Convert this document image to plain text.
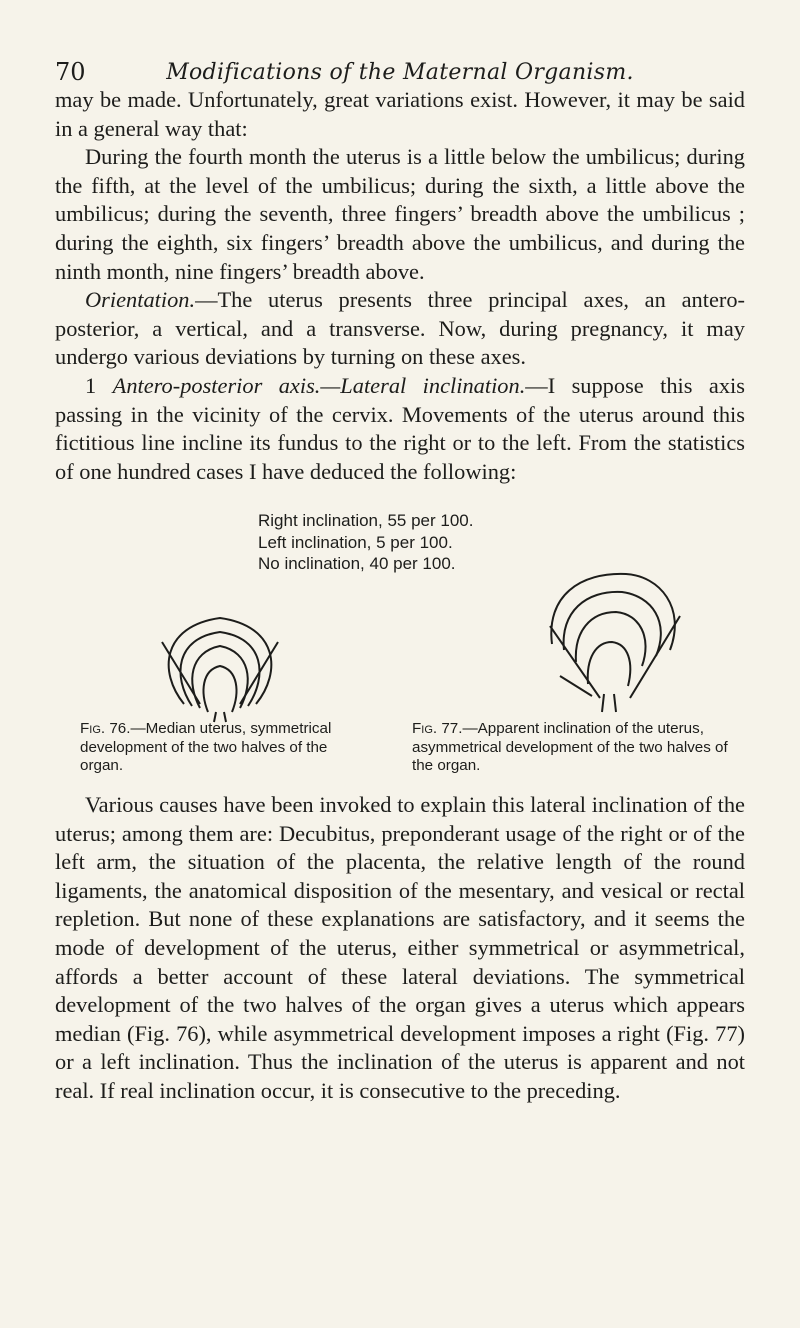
70	Modifications of the Maternal Organism.

may be made. Unfortunately, great variations exist. However, it may be said in a general way that:

During the fourth month the uterus is a little below the umbilicus; during the fifth, at the level of the umbilicus; during the sixth, a little above the umbilicus; during the seventh, three fingers’ breadth above the umbilicus ; during the eighth, six fingers’ breadth above the umbilicus, and during the ninth month, nine fingers’ breadth above.

Orientation.—The uterus presents three principal axes, an antero-posterior, a vertical, and a transverse. Now, during pregnancy, it may undergo various deviations by turning on these axes.

1 Antero-posterior axis.—Lateral inclination.—I suppose this axis passing in the vicinity of the cervix. Movements of the uterus around this fictitious line incline its fundus to the right or to the left. From the statistics of one hundred cases I have deduced the following:

Right inclination, 55 per 100.
Left inclination, 5 per 100.
No inclination, 40 per 100.
Fig. 76.—Median uterus, symmetrical development of the two halves of the organ.
Fig. 77.—Apparent inclination of the uterus, asymmetrical development of the two halves of the organ.

Various causes have been invoked to explain this lateral inclination of the uterus; among them are: Decubitus, preponderant usage of the right or of the left arm, the situation of the placenta, the relative length of the round ligaments, the anatomical disposition of the mesentary, and vesical or rectal repletion. But none of these explanations are satisfactory, and it seems the mode of development of the uterus, either symmetrical or asymmetrical, affords a better account of these lateral deviations. The symmetrical development of the two halves of the organ gives a uterus which appears median (Fig. 76), while asymmetrical development imposes a right (Fig. 77) or a left inclination. Thus the inclination of the uterus is apparent and not real. If real inclination occur, it is consecutive to the preceding.
